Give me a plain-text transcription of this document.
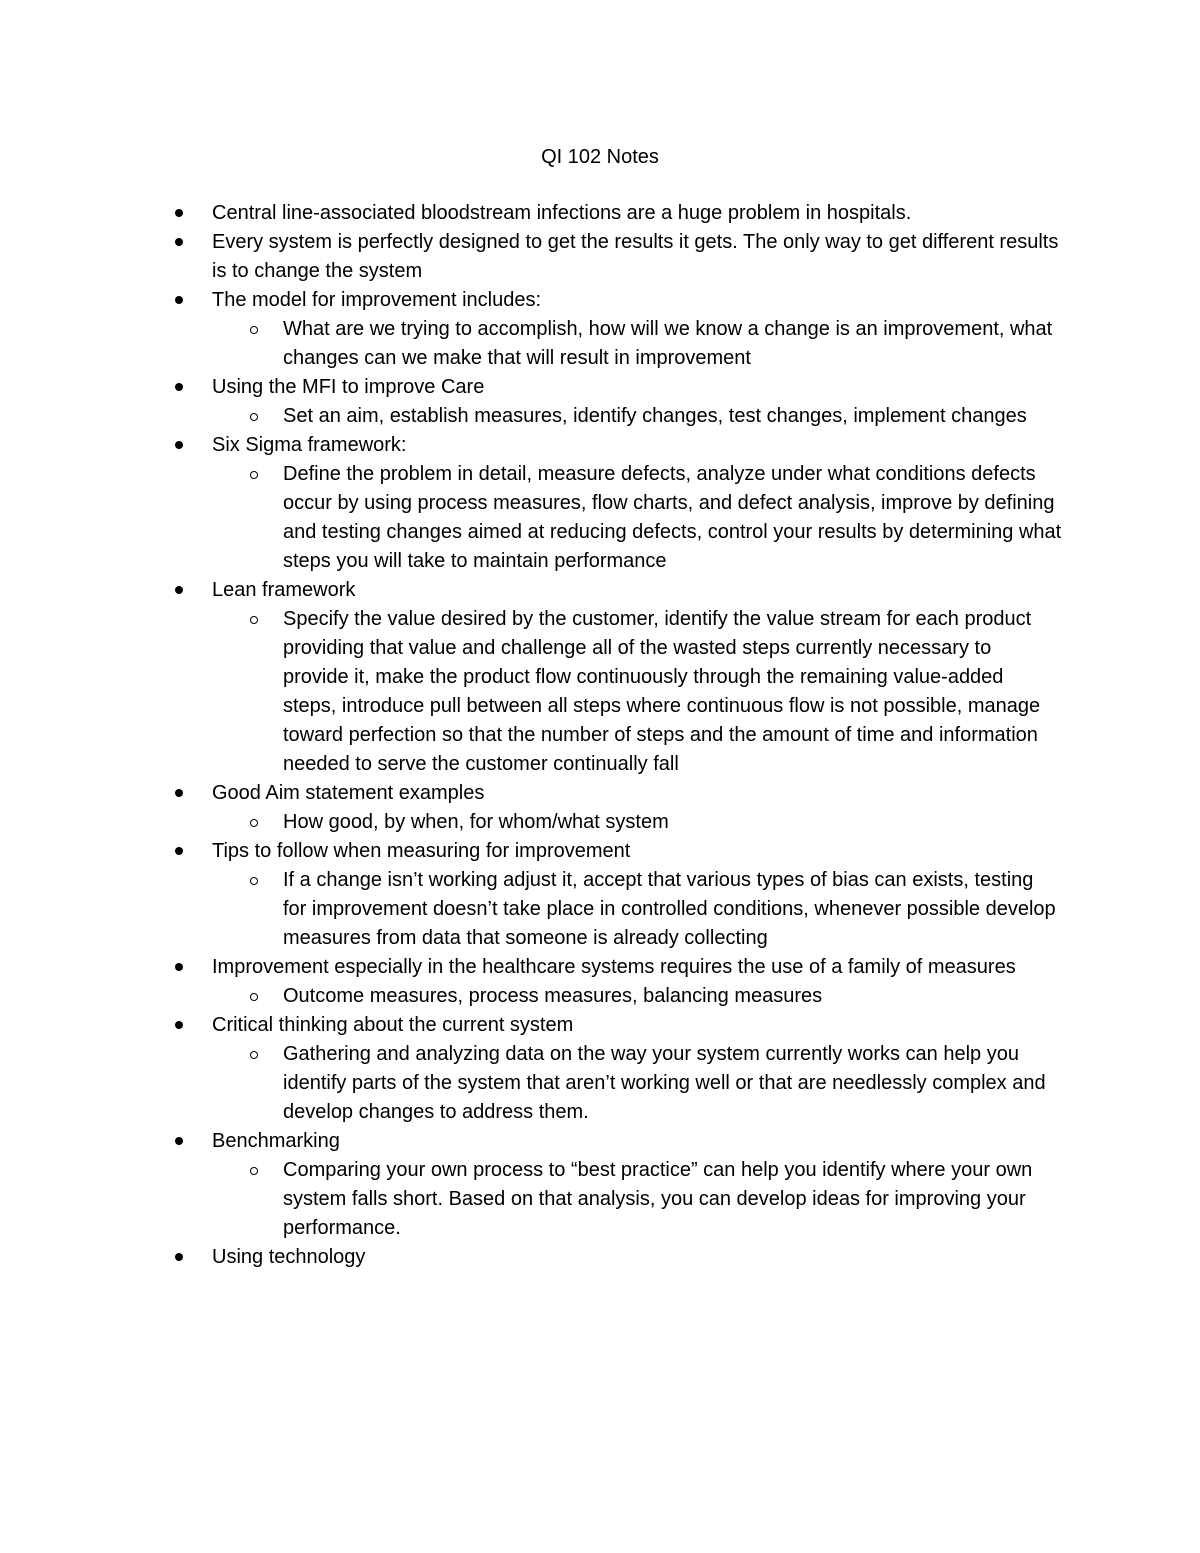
QI 102 Notes
Central line-associated bloodstream infections are a huge problem in hospitals.
Every system is perfectly designed to get the results it gets. The only way to get different results is to change the system
The model for improvement includes:
What are we trying to accomplish, how will we know a change is an improvement, what changes can we make that will result in improvement
Using the MFI to improve Care
Set an aim, establish measures, identify changes, test changes, implement changes
Six Sigma framework:
Define the problem in detail, measure defects, analyze under what conditions defects occur by using process measures, flow charts, and defect analysis, improve by defining and testing changes aimed at reducing defects, control your results by determining what steps you will take to maintain performance
Lean framework
Specify the value desired by the customer, identify the value stream for each product providing that value and challenge all of the wasted steps currently necessary to provide it, make the product flow continuously through the remaining value-added steps, introduce pull between all steps where continuous flow is not possible, manage toward perfection so that the number of steps and the amount of time and information needed to serve the customer continually fall
Good Aim statement examples
How good, by when, for whom/what system
Tips to follow when measuring for improvement
If a change isn’t working adjust it, accept that various types of bias can exists, testing for improvement doesn’t take place in controlled conditions, whenever possible develop measures from data that someone is already collecting
Improvement especially in the healthcare systems requires the use of a family of measures
Outcome measures, process measures, balancing measures
Critical thinking about the current system
Gathering and analyzing data on the way your system currently works can help you identify parts of the system that aren’t working well or that are needlessly complex and develop changes to address them.
Benchmarking
Comparing your own process to “best practice” can help you identify where your own system falls short. Based on that analysis, you can develop ideas for improving your performance.
Using technology
